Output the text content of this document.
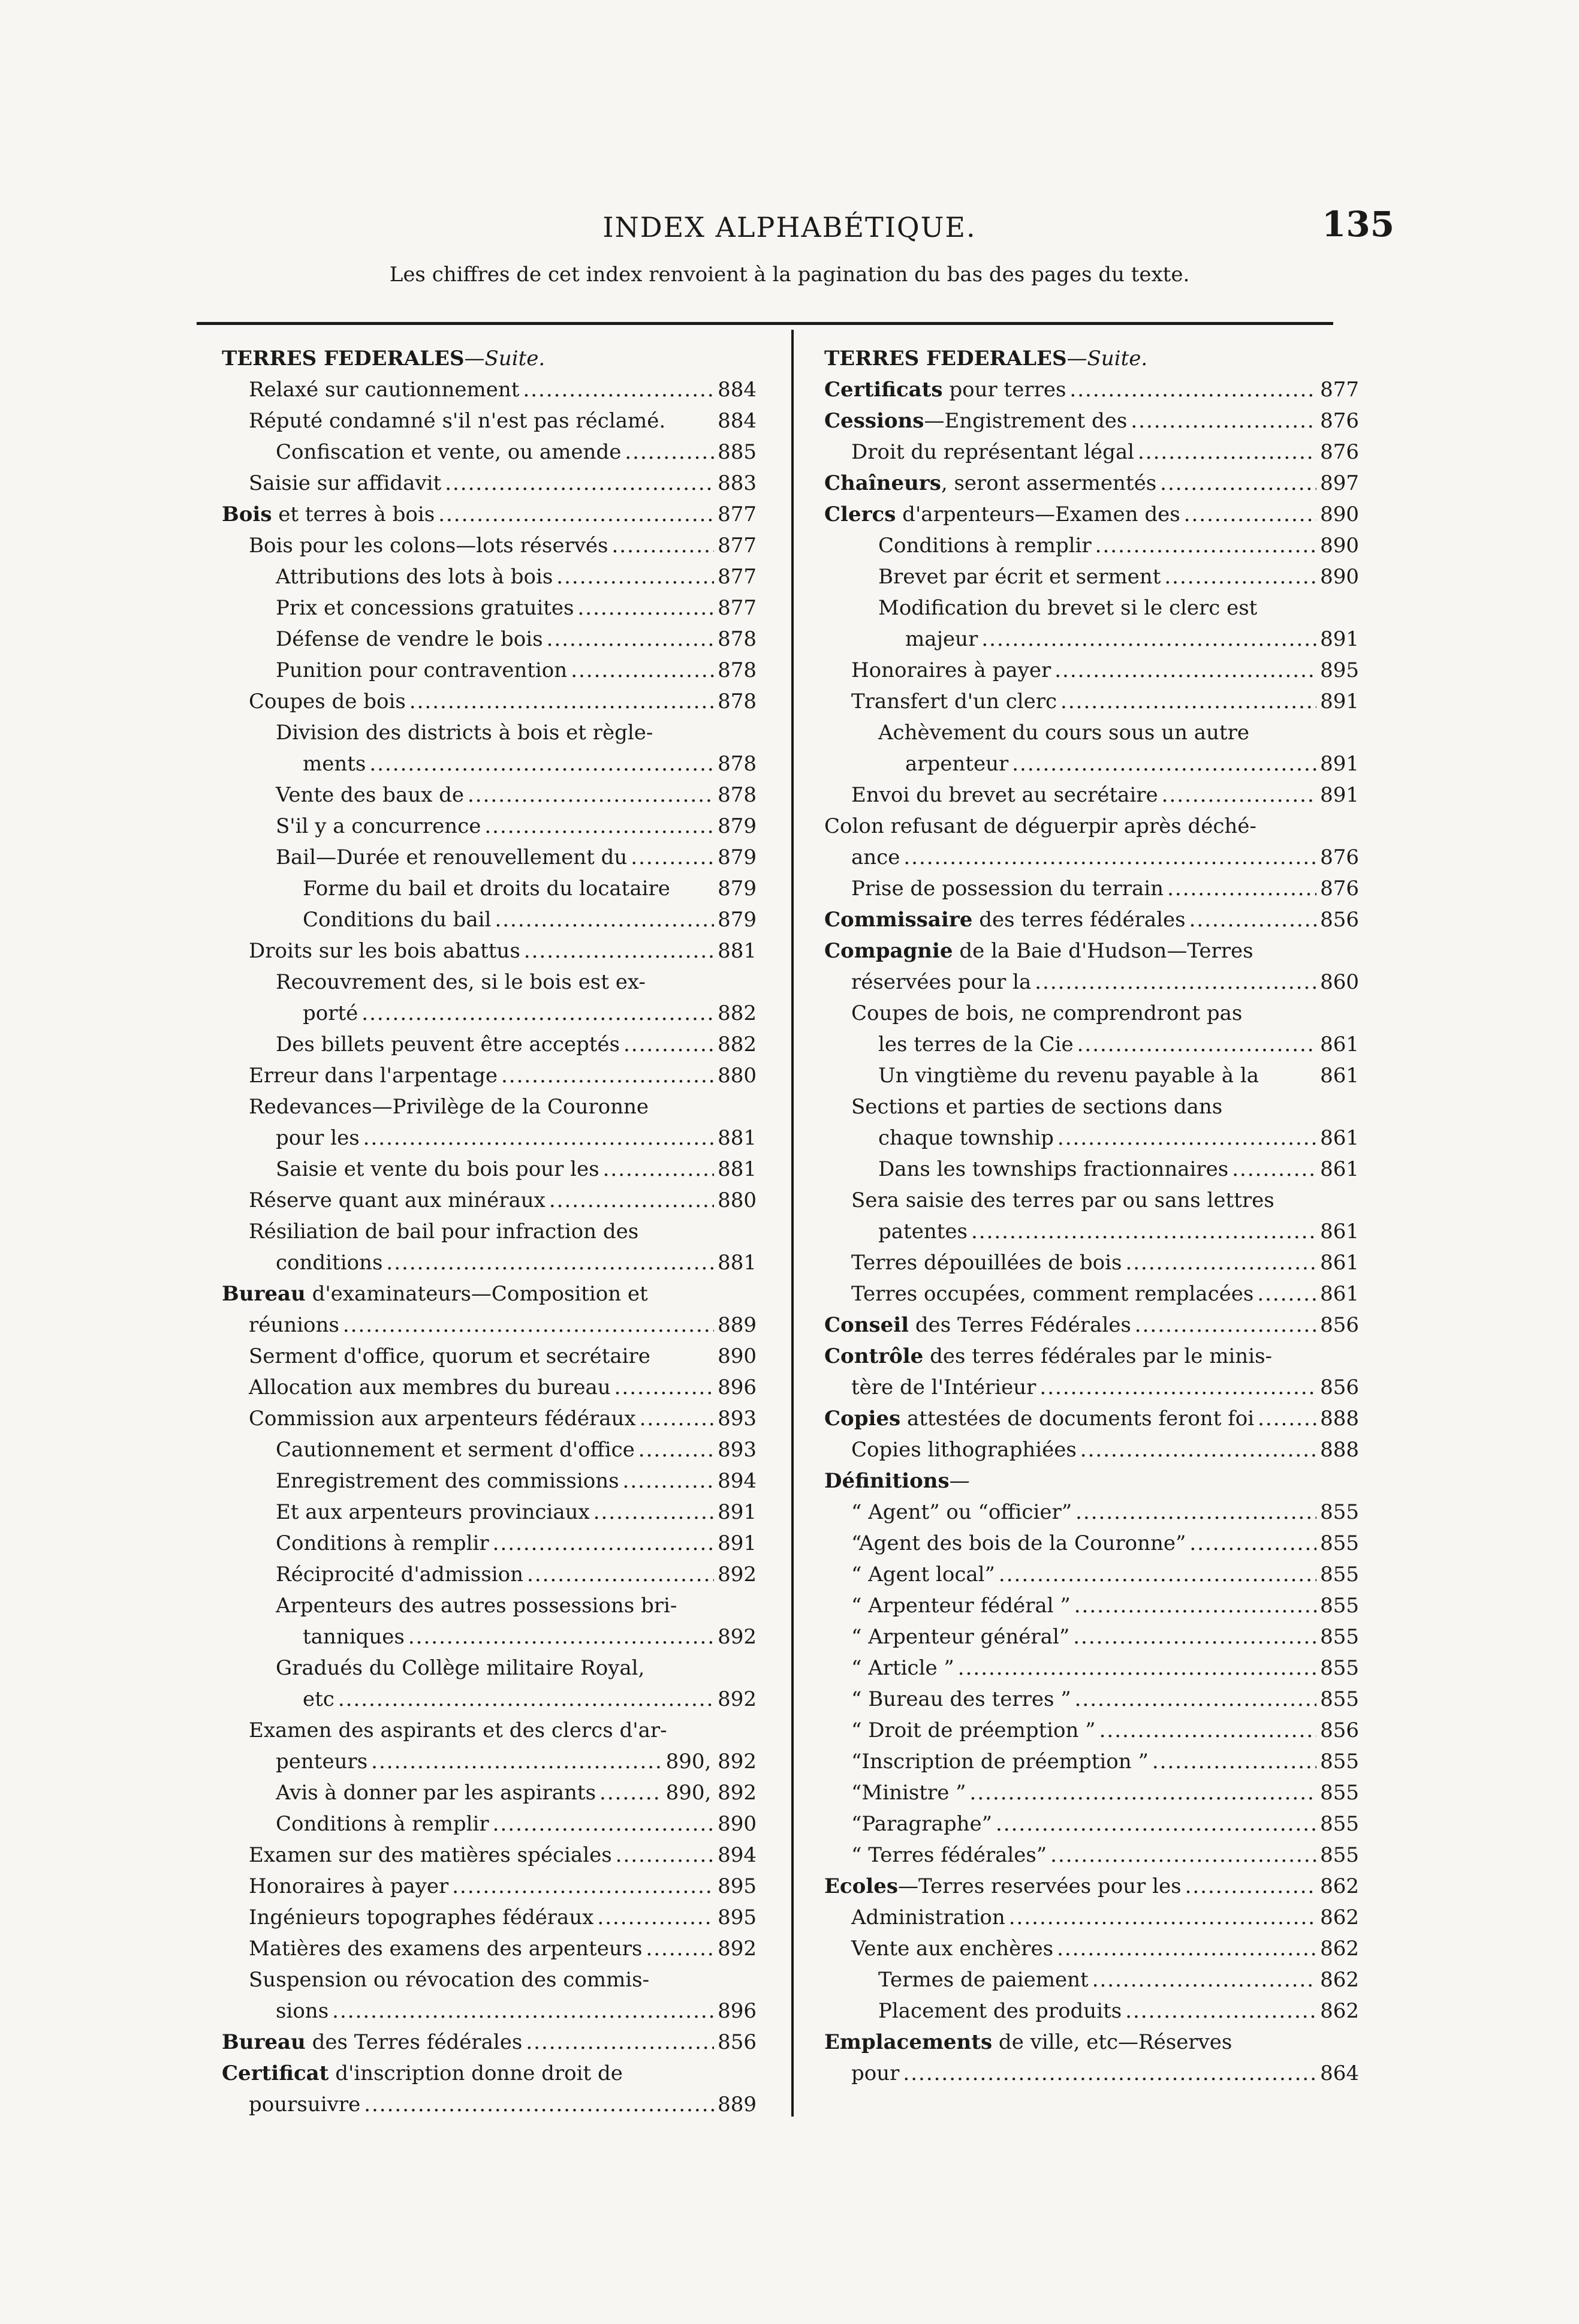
INDEX ALPHABÉTIQUE.	135
Les chiffres de cet index renvoient à la pagination du bas des pages du texte.
TERRES FEDERALES—Suite.
Relaxé sur cautionnement .....	884
Réputé condamné s'il n'est pas réclamé.	884
Confiscation et vente, ou amende .....	885
Saisie sur affidavit .....	883
Bois et terres à bois .....	877
Bois pour les colons—lots réservés .....	877
Attributions des lots à bois .....	877
Prix et concessions gratuites .....	877
Défense de vendre le bois .....	878
Punition pour contravention .....	878
Coupes de bois .....	878
Division des districts à bois et règle-
ments .....	878
Vente des baux de .....	878
S'il y a concurrence .....	879
Bail—Durée et renouvellement du .....	879
Forme du bail et droits du locataire 879
Conditions du bail .....	879
Droits sur les bois abattus .....	881
Recouvrement des, si le bois est ex-
porté .....	882
Des billets peuvent être acceptés .....	882
Erreur dans l'arpentage .....	880
Redevances—Privilège de la Couronne
pour les .....	881
Saisie et vente du bois pour les .....	881
Réserve quant aux minéraux .....	880
Résiliation de bail pour infraction des
conditions .....	881
Bureau d'examinateurs—Composition et
réunions .....	889
Serment d'office, quorum et secrétaire	890
Allocation aux membres du bureau .....	896
Commission aux arpenteurs fédéraux .....	893
Cautionnement et serment d'office .....	893
Enregistrement des commissions .....	894
Et aux arpenteurs provinciaux .....	891
Conditions à remplir .....	891
Réciprocité d'admission .....	892
Arpenteurs des autres possessions bri-
tanniques .....	892
Gradués du Collège militaire Royal,
etc .....	892
Examen des aspirants et des clercs d'ar-
penteurs .....	890, 892
Avis à donner par les aspirants .....	890, 892
Conditions à remplir .....	890
Examen sur des matières spéciales .....	894
Honoraires à payer .....	895
Ingénieurs topographes fédéraux .....	895
Matières des examens des arpenteurs .....	892
Suspension ou révocation des commis-
sions .....	896
Bureau des Terres fédérales .....	856
Certificat d'inscription donne droit de
poursuivre .....	889
TERRES FEDERALES—Suite.
Certificats pour terres .....	877
Cessions—Engistrement des .....	876
Droit du représentant légal .....	876
Chaîneurs, seront assermentés .....	897
Clercs d'arpenteurs—Examen des .....	890
Conditions à remplir .....	890
Brevet par écrit et serment .....	890
Modification du brevet si le clerc est
majeur .....	891
Honoraires à payer .....	895
Transfert d'un clerc .....	891
Achèvement du cours sous un autre
arpenteur .....	891
Envoi du brevet au secrétaire .....	891
Colon refusant de déguerpir après déché-
ance .....	876
Prise de possession du terrain .....	876
Commissaire des terres fédérales .....	856
Compagnie de la Baie d'Hudson—Terres
réservées pour la .....	860
Coupes de bois, ne comprendront pas
les terres de la Cie .....	861
Un vingtième du revenu payable à la	861
Sections et parties de sections dans
chaque township .....	861
Dans les townships fractionnaires .....	861
Sera saisie des terres par ou sans lettres
patentes .....	861
Terres dépouillées de bois .....	861
Terres occupées, comment remplacées .....	861
Conseil des Terres Fédérales .....	856
Contrôle des terres fédérales par le minis-
tère de l'Intérieur .....	856
Copies attestées de documents feront foi .....	888
Copies lithographiées .....	888
Définitions—
“ Agent” ou “officier” .....	855
“Agent des bois de la Couronne” .....	855
“ Agent local” .....	855
“ Arpenteur fédéral ” .....	855
“ Arpenteur général” .....	855
“ Article ” .....	855
“ Bureau des terres ” .....	855
“ Droit de préemption ” .....	856
“Inscription de préemption ” .....	855
“Ministre ” .....	855
“Paragraphe” .....	855
“ Terres fédérales” .....	855
Ecoles—Terres reservées pour les .....	862
Administration .....	862
Vente aux enchères .....	862
Termes de paiement .....	862
Placement des produits .....	862
Emplacements de ville, etc—Réserves
pour .....	864
